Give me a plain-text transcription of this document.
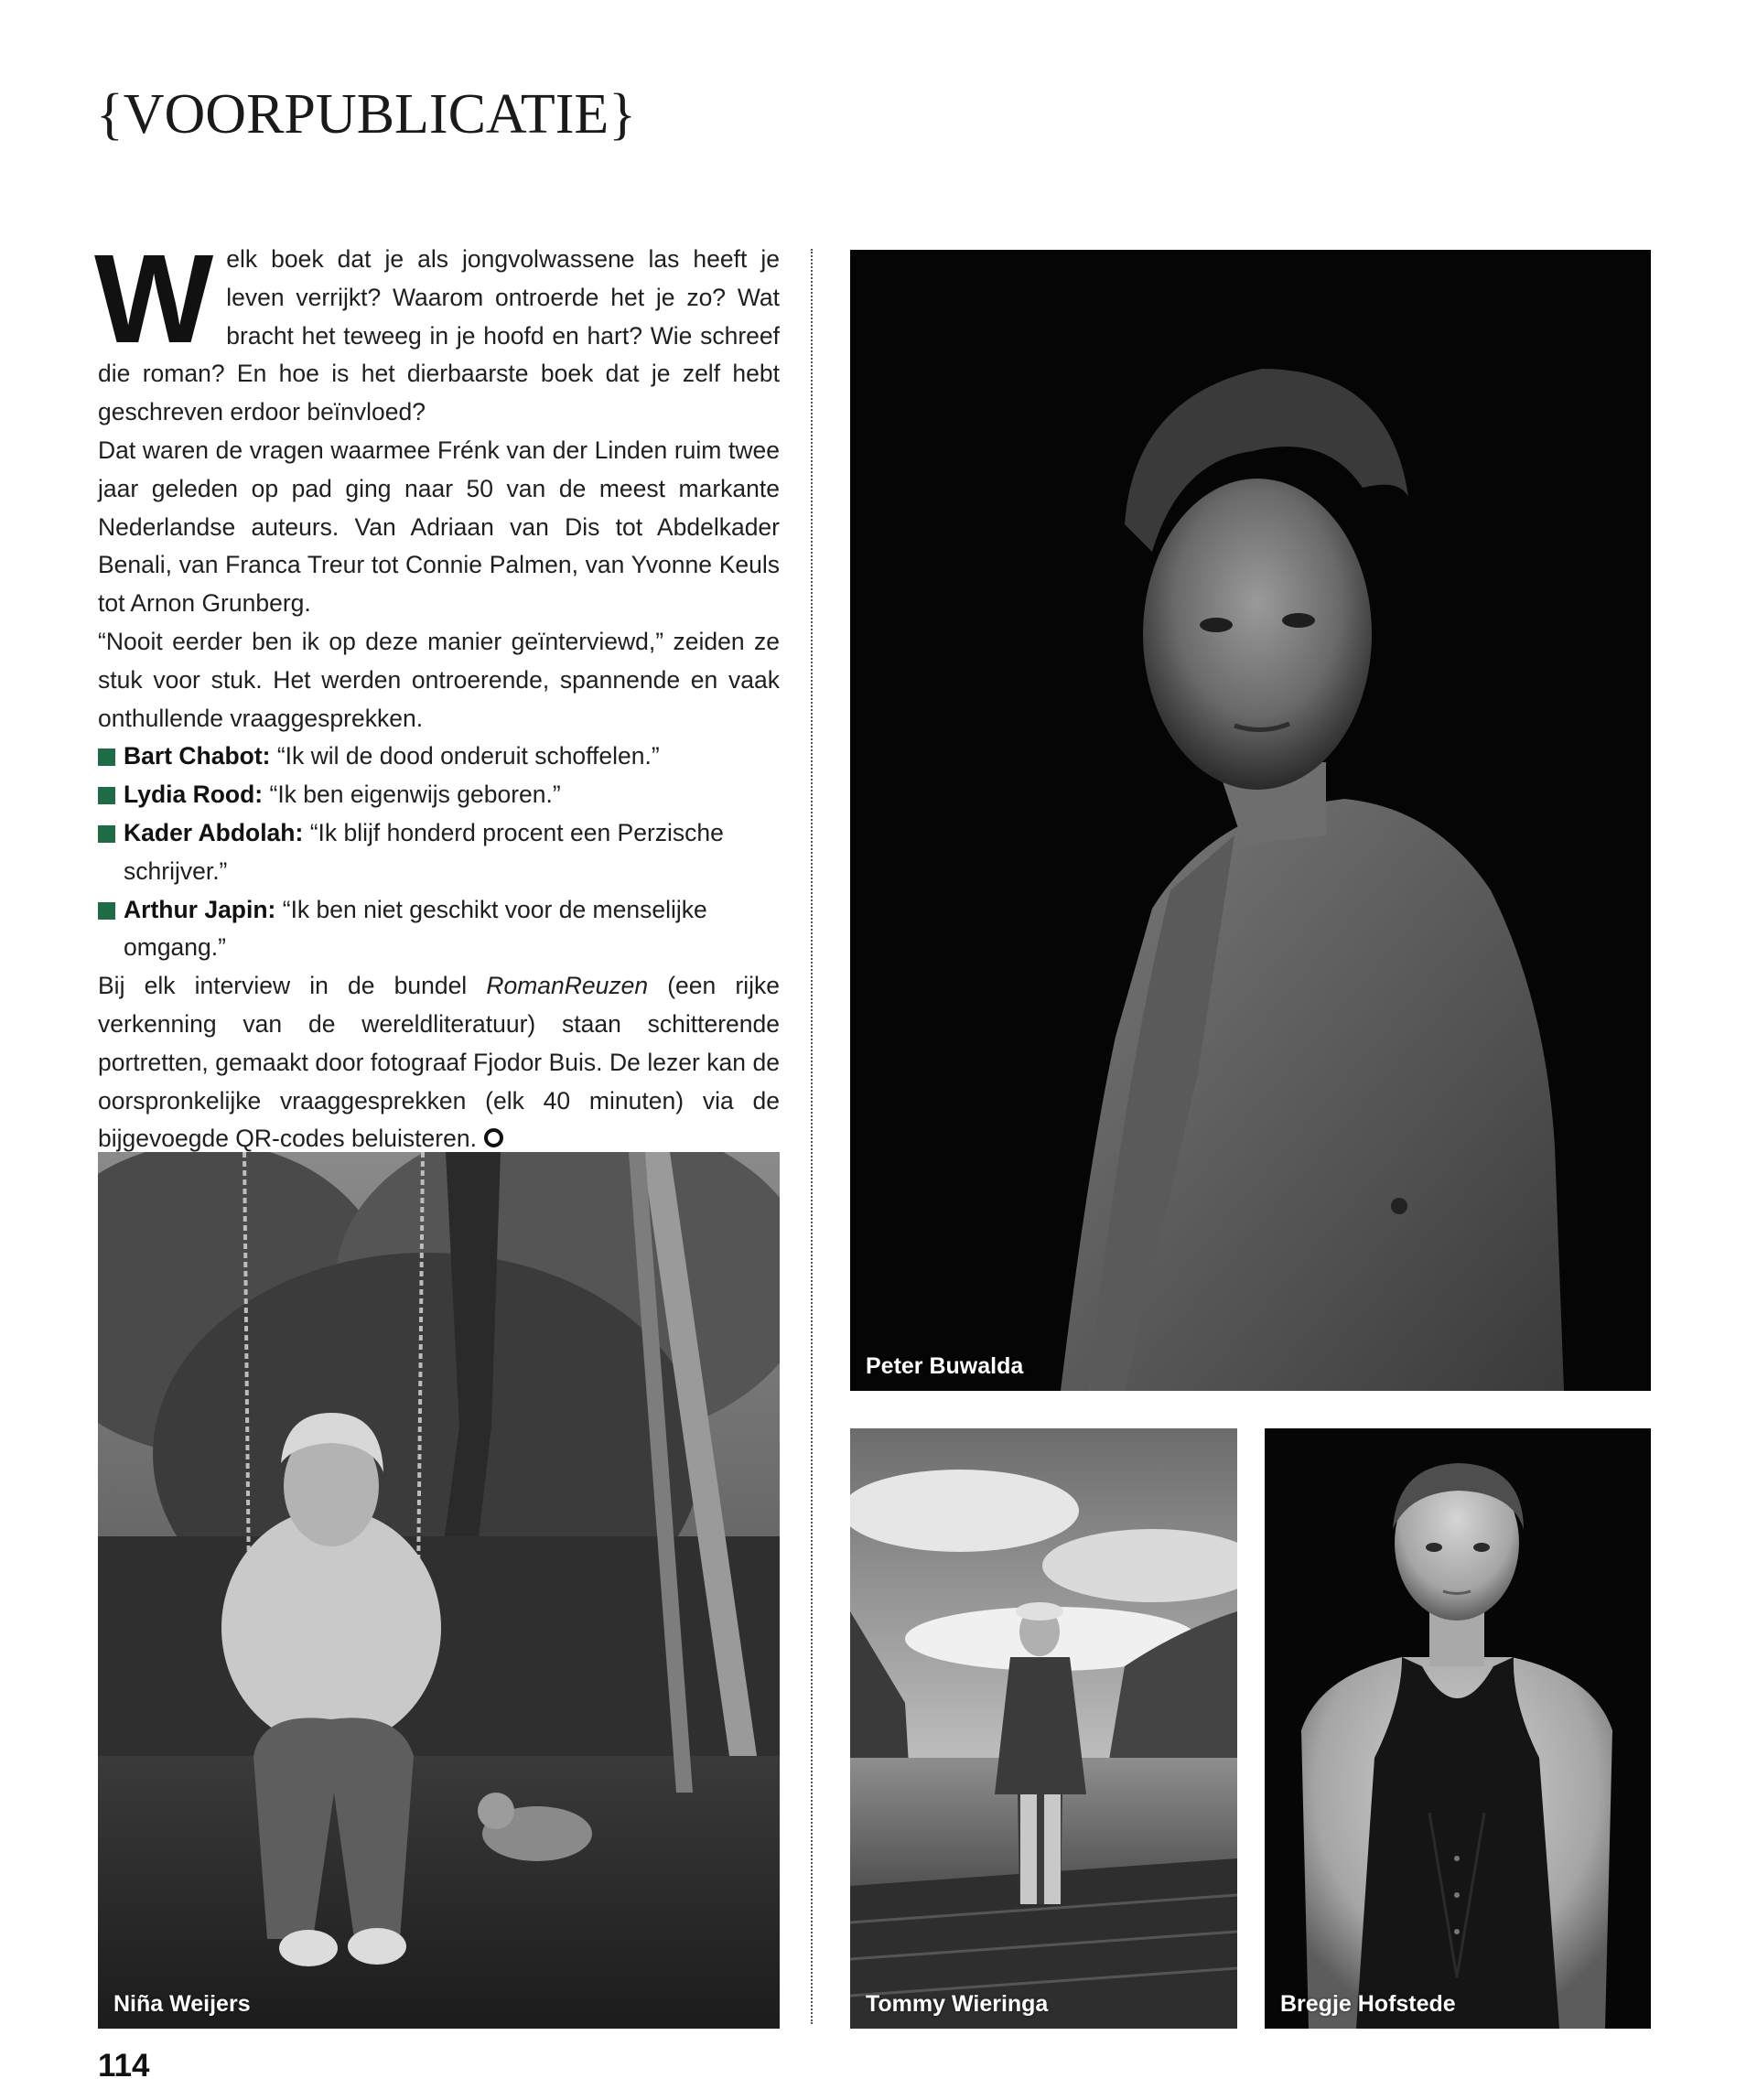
{VOORPUBLICATIE}

W elk boek dat je als jongvolwassene las heeft je leven verrijkt? Waarom ontroerde het je zo? Wat bracht het teweeg in je hoofd en hart? Wie schreef die roman? En hoe is het dierbaarste boek dat je zelf hebt geschreven erdoor beïnvloed?

Dat waren de vragen waarmee Frénk van der Linden ruim twee jaar geleden op pad ging naar 50 van de meest markante Nederlandse auteurs. Van Adriaan van Dis tot Abdelkader Benali, van Franca Treur tot Connie Palmen, van Yvonne Keuls tot Arnon Grunberg.

“Nooit eerder ben ik op deze manier geïnterviewd,” zeiden ze stuk voor stuk. Het werden ontroerende, spannende en vaak onthullende vraaggesprekken.

Bart Chabot: “Ik wil de dood onderuit schoffelen.”
Lydia Rood: “Ik ben eigenwijs geboren.”
Kader Abdolah: “Ik blijf honderd procent een Perzische schrijver.”
Arthur Japin: “Ik ben niet geschikt voor de menselijke omgang.”

Bij elk interview in de bundel RomanReuzen (een rijke verkenning van de wereldliteratuur) staan schitterende portretten, gemaakt door fotograaf Fjodor Buis. De lezer kan de oorspronkelijke vraaggesprekken (elk 40 minuten) via de bijgevoegde QR-codes beluisteren.

Peter Buwalda
Niña Weijers	Tommy Wieringa	Bregje Hofstede
114
